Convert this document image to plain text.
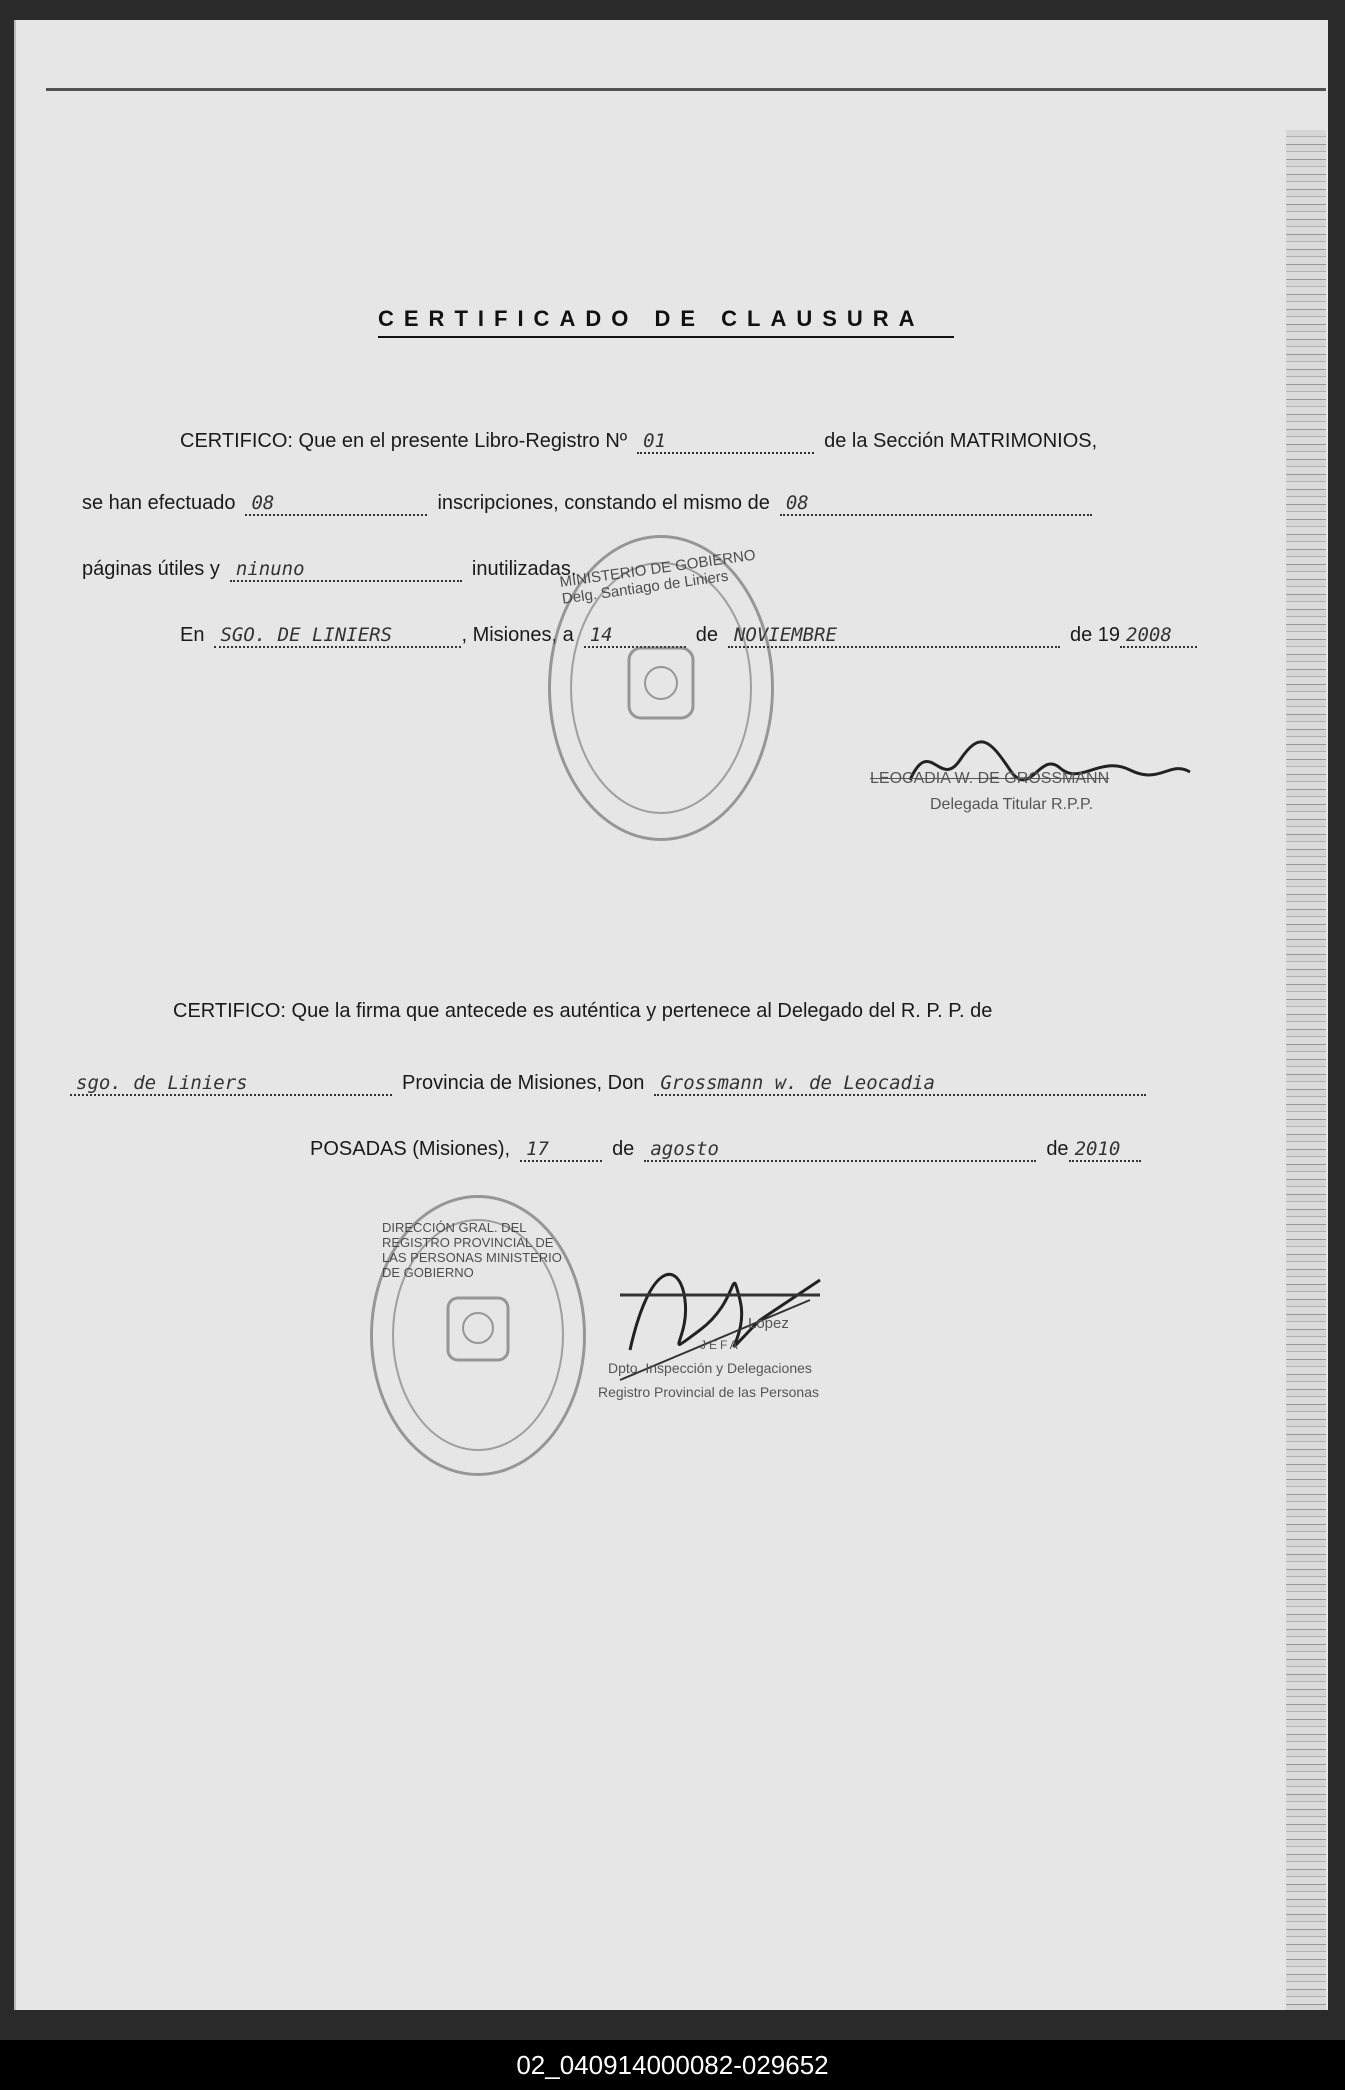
CERTIFICADO DE CLAUSURA
CERTIFICO: Que en el presente Libro-Registro Nº 01	de la Sección MATRIMONIOS,
se han efectuado 08	inscripciones, constando el mismo de 08
páginas útiles y ninuno	inutilizadas.
En SGO. DE LINIERS	, Misiones, a 14	de NOVIEMBRE	de 19 2008
MINISTERIO DE GOBIERNO Delg. Santiago de Liniers
LEOCADIA W. DE GROSSMANN
Delegada Titular R.P.P.
CERTIFICO: Que la firma que antecede es auténtica y pertenece al Delegado del R. P. P. de
sgo. de Liniers	Provincia de Misiones, Don Grossmann w. de Leocadia
POSADAS (Misiones), 17	de agosto	de 2010
DIRECCIÓN GRAL. DEL REGISTRO PROVINCIAL DE LAS PERSONAS MINISTERIO DE GOBIERNO
López
JEFA
Dpto. Inspección y Delegaciones
Registro Provincial de las Personas
02_040914000082-029652
